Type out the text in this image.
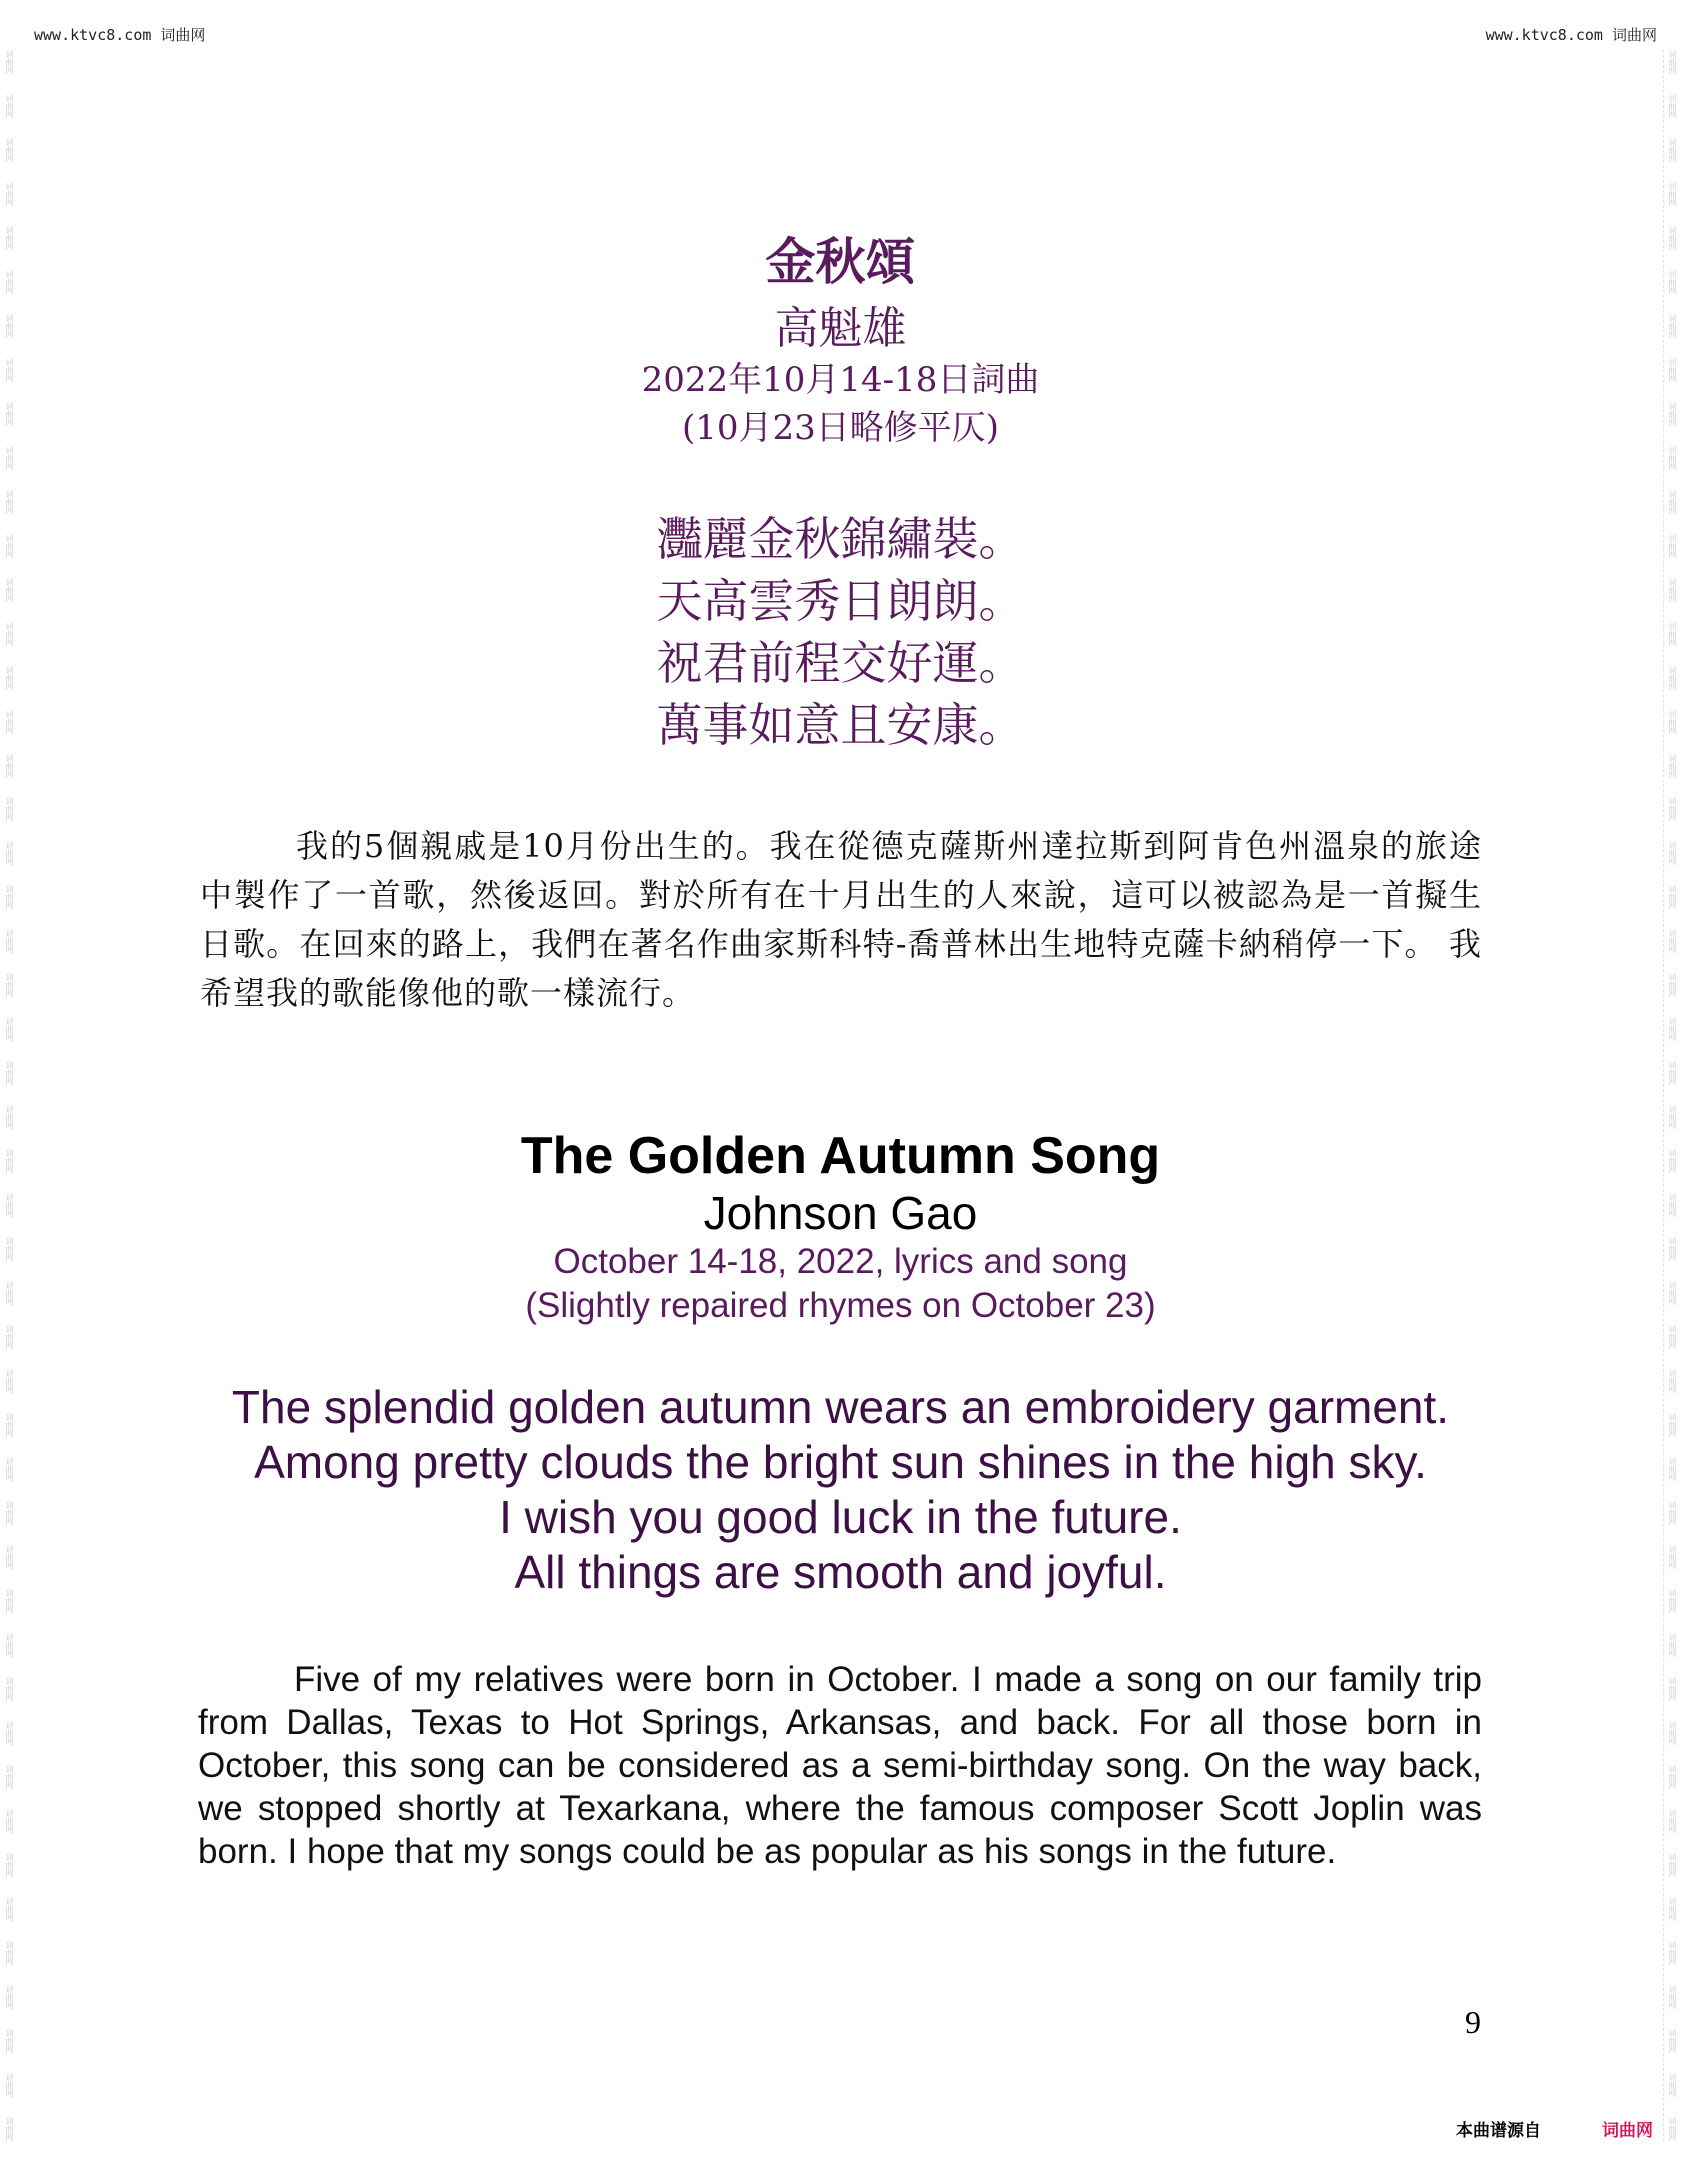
www.ktvc8.com 词曲网	www.ktvc8.com 词曲网
词曲网
词曲网
词曲网
词曲网
词曲网
词曲网
词曲网
词曲网
词曲网
词曲网
词曲网
词曲网
词曲网
词曲网
词曲网
词曲网
词曲网
词曲网
词曲网
词曲网
词曲网
词曲网
词曲网
词曲网
词曲网
词曲网
词曲网
词曲网
词曲网
词曲网
词曲网
词曲网
词曲网
词曲网
词曲网
词曲网
词曲网
词曲网
词曲网
词曲网
词曲网
词曲网
词曲网
词曲网
词曲网
词曲网
词曲网
词曲网
词曲网
词曲网
词曲网
词曲网
词曲网
词曲网
词曲网
词曲网
词曲网
词曲网
词曲网
词曲网
词曲网
词曲网
词曲网
词曲网
词曲网
词曲网
词曲网
词曲网
词曲网
词曲网
词曲网
词曲网
词曲网
词曲网
词曲网
词曲网
词曲网
词曲网
词曲网
词曲网
词曲网
词曲网
词曲网
词曲网
词曲网
词曲网
词曲网
词曲网
词曲网
词曲网
词曲网
词曲网
词曲网
词曲网
词曲网
词曲网
金秋頌
高魁雄
2022年10月14-18日詞曲
(10月23日略修平仄)
灩麗金秋錦繡裝。
天高雲秀日朗朗。
祝君前程交好運。
萬事如意且安康。

我的5個親戚是10月份出生的。我在從德克薩斯州達拉斯到阿肯色州溫泉的旅途中製作了一首歌，然後返回。對於所有在十月出生的人來說，這可以被認為是一首擬生日歌。在回來的路上，我們在著名作曲家斯科特-喬普林出生地特克薩卡納稍停一下。 我希望我的歌能像他的歌一樣流行。

The Golden Autumn Song
Johnson Gao
October 14-18, 2022, lyrics and song
(Slightly repaired rhymes on October 23)
The splendid golden autumn wears an embroidery garment.
Among pretty clouds the bright sun shines in the high sky.
I wish you good luck in the future.
All things are smooth and joyful.

Five of my relatives were born in October. I made a song on our family trip from Dallas, Texas to Hot Springs, Arkansas, and back. For all those born in October, this song can be considered as a semi-birthday song. On the way back, we stopped shortly at Texarkana, where the famous composer Scott Joplin was born. I hope that my songs could be as popular as his songs in the future.

9
本曲谱源自	词曲网
